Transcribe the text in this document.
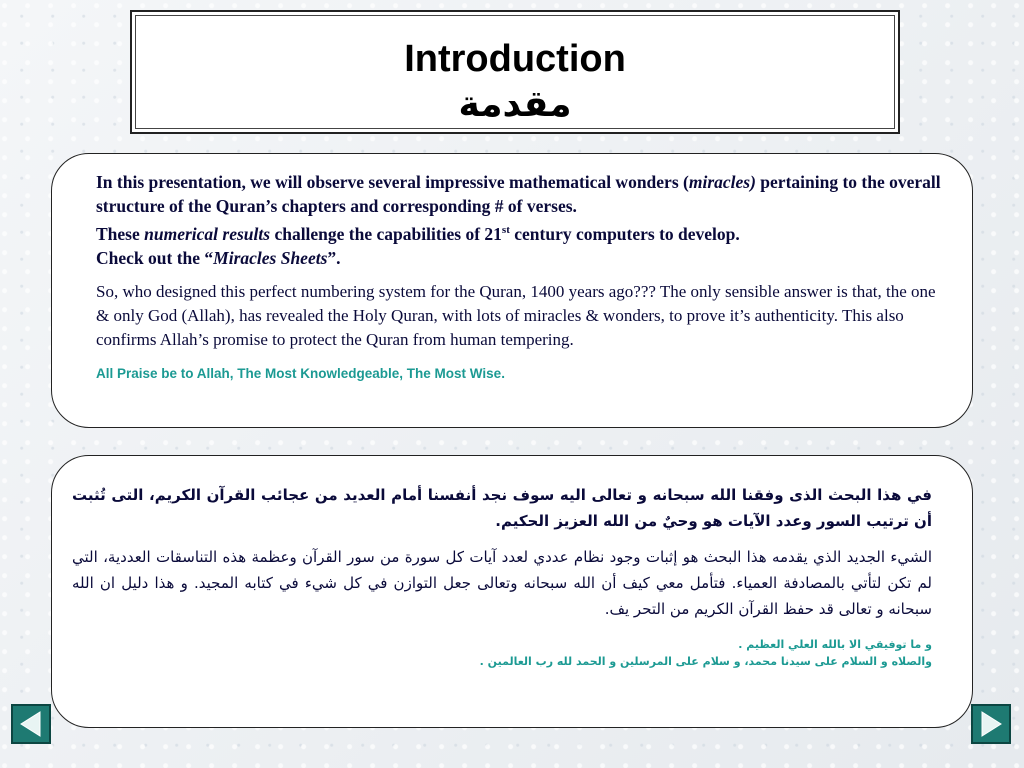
Introduction
مقدمة

In this presentation, we will observe several impressive mathematical wonders (miracles) pertaining to the overall structure of the Quran’s chapters and corresponding # of verses.
These numerical results challenge the capabilities of 21st century computers to develop.
Check out the “Miracles Sheets”.

So, who designed this perfect numbering system for the Quran, 1400 years ago??? The only sensible answer is that, the one & only God (Allah), has revealed the Holy Quran, with lots of miracles & wonders, to prove it’s authenticity. This also confirms Allah’s promise to protect the Quran from human tempering.

All Praise be to Allah, The Most Knowledgeable, The Most Wise.

في هذا البحث الذى وفقنا الله سبحانه و تعالى اليه سوف نجد أنفسنا أمام العديد من عجائب القرآن الكريم، التى تُثبت أن ترتيب السور وعدد الآيات هو وحيٌ من الله العزيز الحكيم.

الشيء الجديد الذي يقدمه هذا البحث هو إثبات وجود نظام عددي لعدد آيات كل سورة من سور القرآن وعظمة هذه التناسقات العددية، التي لم تكن لتأتي بالمصادفة العمياء. فتأمل معي كيف أن الله سبحانه وتعالى جعل التوازن في كل شيء في كتابه المجيد. و هذا دليل ان الله سبحانه و تعالى قد حفظ القرآن الكريم من التحر يف.

و ما توفيقي الا بالله العلي العظيم .
والصلاه و السلام على سيدنا محمد، و سلام على المرسلين و الحمد لله رب العالمين .
